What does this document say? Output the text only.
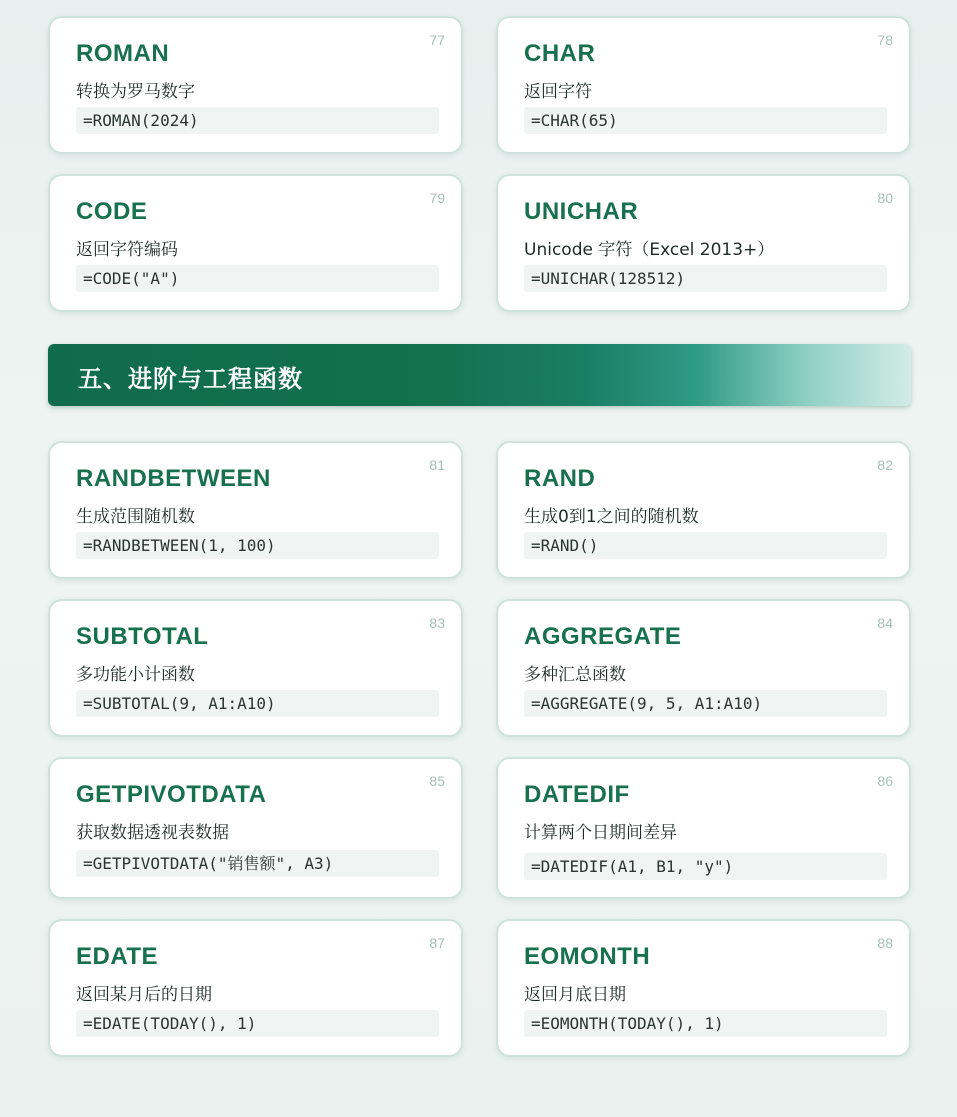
77
ROMAN
转换为罗马数字
=ROMAN(2024)
78
CHAR
返回字符
=CHAR(65)
79
CODE
返回字符编码
=CODE("A")
80
UNICHAR
Unicode 字符（Excel 2013+）
=UNICHAR(128512)
五、进阶与工程函数
81
RANDBETWEEN
生成范围随机数
=RANDBETWEEN(1, 100)
82
RAND
生成0到1之间的随机数
=RAND()
83
SUBTOTAL
多功能小计函数
=SUBTOTAL(9, A1:A10)
84
AGGREGATE
多种汇总函数
=AGGREGATE(9, 5, A1:A10)
85
GETPIVOTDATA
获取数据透视表数据
=GETPIVOTDATA("销售额", A3)
86
DATEDIF
计算两个日期间差异
=DATEDIF(A1, B1, "y")
87
EDATE
返回某月后的日期
=EDATE(TODAY(), 1)
88
EOMONTH
返回月底日期
=EOMONTH(TODAY(), 1)
